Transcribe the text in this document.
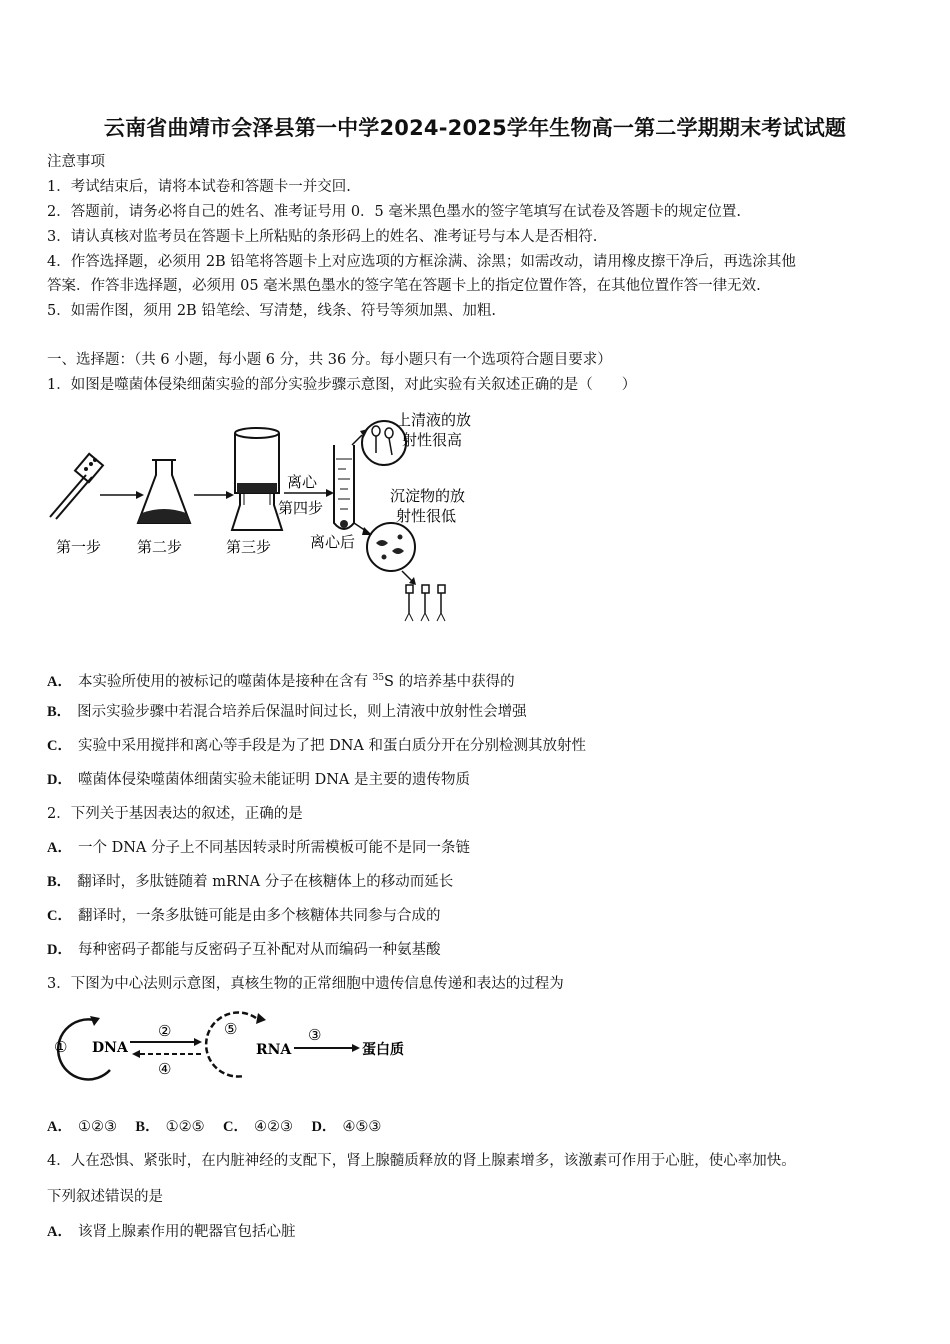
云南省曲靖市会泽县第一中学2024-2025学年生物高一第二学期期末考试试题
注意事项
1．考试结束后，请将本试卷和答题卡一并交回.
2．答题前，请务必将自己的姓名、准考证号用 0．5 毫米黑色墨水的签字笔填写在试卷及答题卡的规定位置.
3．请认真核对监考员在答题卡上所粘贴的条形码上的姓名、准考证号与本人是否相符.
4．作答选择题，必须用 2B 铅笔将答题卡上对应选项的方框涂满、涂黑；如需改动，请用橡皮擦干净后，再选涂其他
答案．作答非选择题，必须用 05 毫米黑色墨水的签字笔在答题卡上的指定位置作答，在其他位置作答一律无效.
5．如需作图，须用 2B 铅笔绘、写清楚，线条、符号等须加黑、加粗.
一、选择题：（共 6 小题，每小题 6 分，共 36 分。每小题只有一个选项符合题目要求）
1．如图是噬菌体侵染细菌实验的部分实验步骤示意图，对此实验有关叙述正确的是（　　）
离心
第四步
离心后
上清液的放
射性很高
沉淀物的放
射性很低
第一步 第二步	第三步
A． 本实验所使用的被标记的噬菌体是接种在含有 $^{35}$S 的培养基中获得的
B． 图示实验步骤中若混合培养后保温时间过长，则上清液中放射性会增强
C． 实验中采用搅拌和离心等手段是为了把 DNA 和蛋白质分开在分别检测其放射性
D． 噬菌体侵染噬菌体细菌实验未能证明 DNA 是主要的遗传物质
2．下列关于基因表达的叙述，正确的是
A． 一个 DNA 分子上不同基因转录时所需模板可能不是同一条链
B． 翻译时，多肽链随着 mRNA 分子在核糖体上的移动而延长
C． 翻译时，一条多肽链可能是由多个核糖体共同参与合成的
D． 每种密码子都能与反密码子互补配对从而编码一种氨基酸
3．下图为中心法则示意图，真核生物的正常细胞中遗传信息传递和表达的过程为
① DNA
②
④
⑤
RNA
③
蛋白质
A． ①②③ B． ①②⑤ C． ④②③ D． ④⑤③
4．人在恐惧、紧张时，在内脏神经的支配下，肾上腺髓质释放的肾上腺素增多，该激素可作用于心脏，使心率加快。
下列叙述错误的是
A． 该肾上腺素作用的靶器官包括心脏
